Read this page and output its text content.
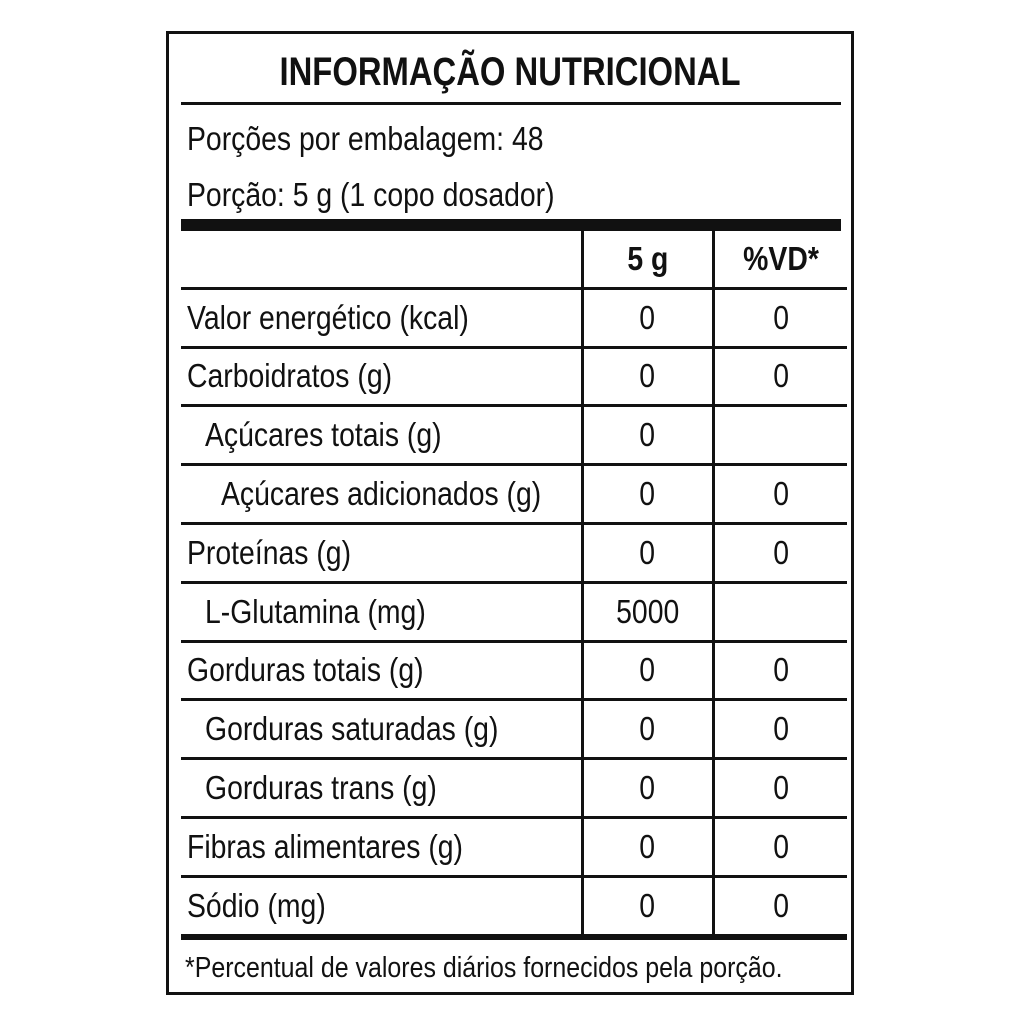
INFORMAÇÃO NUTRICIONAL
Porções por embalagem: 48
Porção: 5 g (1 copo dosador)
	5 g	%VD*
Valor energético (kcal)	0	0
Carboidratos (g)	0	0
Açúcares totais (g)	0	
Açúcares adicionados (g)	0	0
Proteínas (g)	0	0
L-Glutamina (mg)	5000	
Gorduras totais (g)	0	0
Gorduras saturadas (g)	0	0
Gorduras trans (g)	0	0
Fibras alimentares (g)	0	0
Sódio (mg)	0	0
*Percentual de valores diários fornecidos pela porção.
